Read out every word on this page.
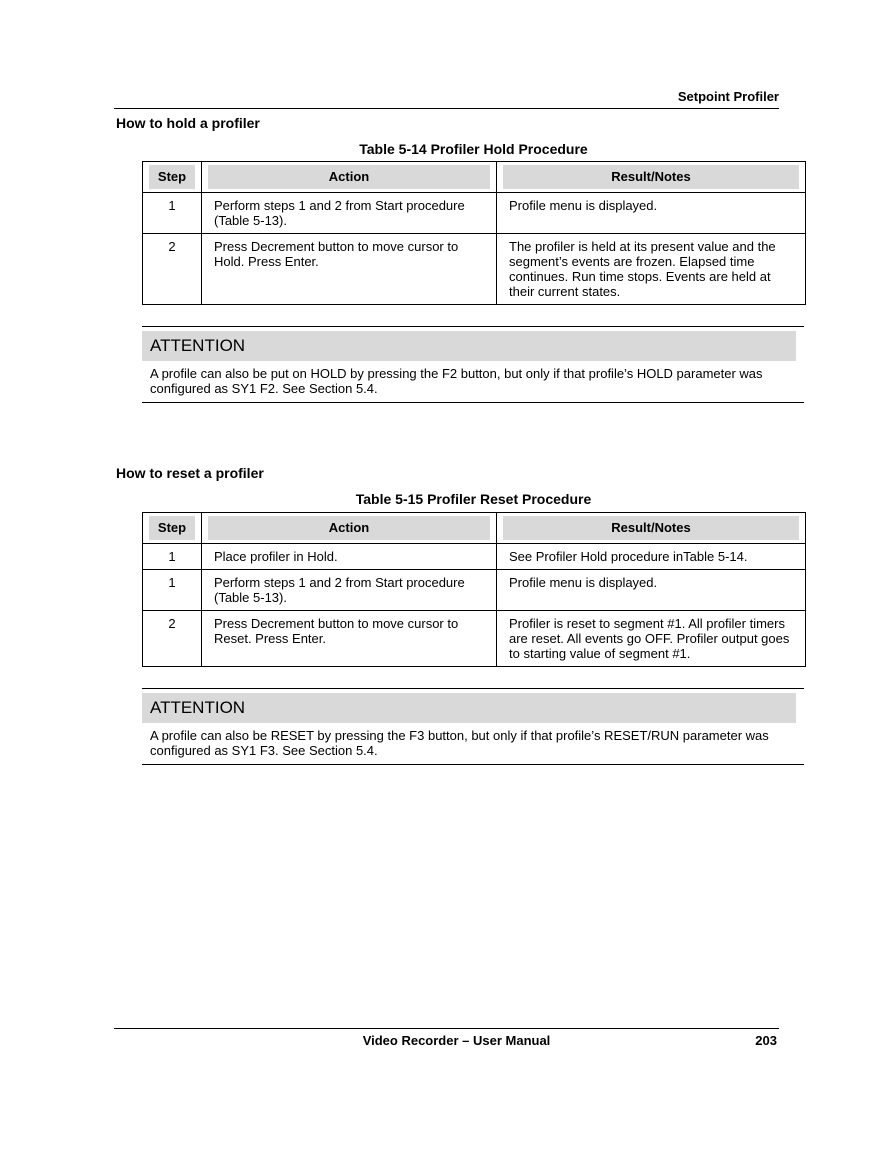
Setpoint Profiler
How to hold a profiler
Table 5-14 Profiler Hold Procedure
Step	Action	Result/Notes

1	Perform steps 1 and 2 from Start procedure (Table 5-13).	Profile menu is displayed.
2	Press Decrement button to move cursor to Hold. Press Enter.	The profiler is held at its present value and the segment’s events are frozen. Elapsed time continues. Run time stops. Events are held at their current states.
ATTENTION
A profile can also be put on HOLD by pressing the F2 button, but only if that profile’s HOLD parameter was configured as SY1 F2. See Section 5.4.
How to reset a profiler
Table 5-15 Profiler Reset Procedure
Step	Action	Result/Notes

1	Place profiler in Hold.	See Profiler Hold procedure inTable 5-14.
1	Perform steps 1 and 2 from Start procedure (Table 5-13).	Profile menu is displayed.
2	Press Decrement button to move cursor to Reset. Press Enter.	Profiler is reset to segment #1. All profiler timers are reset. All events go OFF. Profiler output goes to starting value of segment #1.
ATTENTION
A profile can also be RESET by pressing the F3 button, but only if that profile’s RESET/RUN parameter was configured as SY1 F3. See Section 5.4.
Video Recorder – User Manual	203
